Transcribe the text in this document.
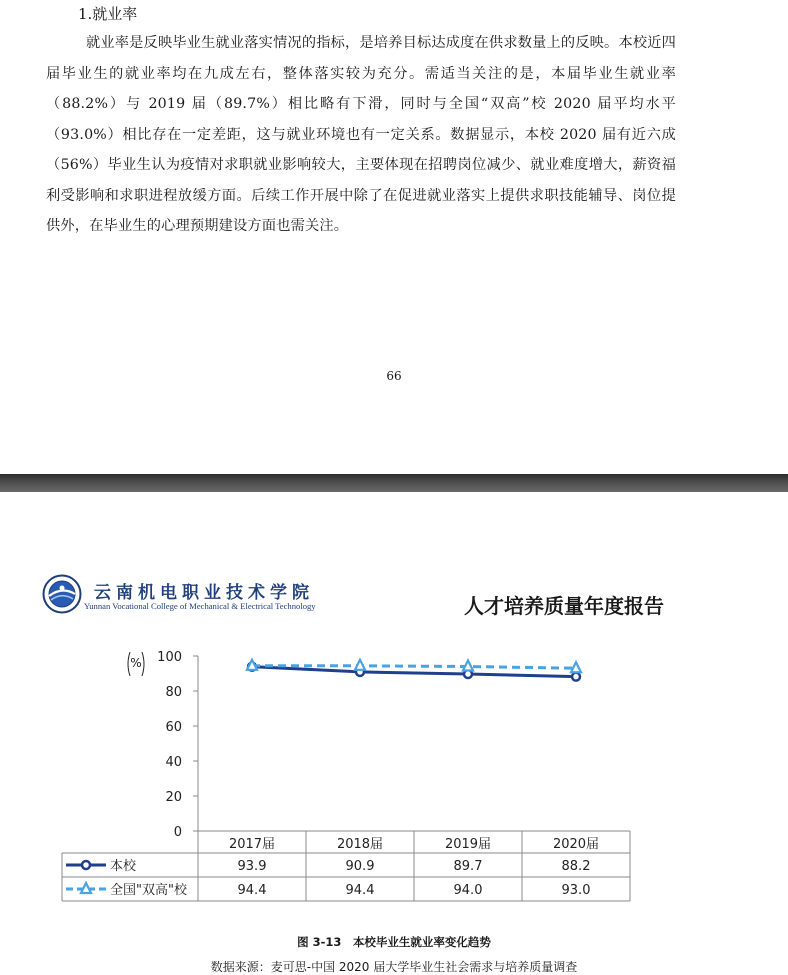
1.就业率
就业率是反映毕业生就业落实情况的指标，是培养目标达成度在供求数量上的反映。本校近四届毕业生的就业率均在九成左右，整体落实较为充分。需适当关注的是，本届毕业生就业率（88.2%）与 2019 届（89.7%）相比略有下滑，同时与全国“双高”校 2020 届平均水平（93.0%）相比存在一定差距，这与就业环境也有一定关系。数据显示，本校 2020 届有近六成（56%）毕业生认为疫情对求职就业影响较大，主要体现在招聘岗位减少、就业难度增大，薪资福利受影响和求职进程放缓方面。后续工作开展中除了在促进就业落实上提供求职技能辅导、岗位提供外，在毕业生的心理预期建设方面也需关注。
66
云南机电职业技术学院
Yunnan Vocational College of Mechanical & Electrical Technology	人才培养质量年度报告
0
20
40
60
80
100
%
2017届	2018届	2019届	2020届
本校	93.9	90.9	89.7	88.2
全国"双高"校	94.4	94.4	94.0	93.0
图 3-13　本校毕业生就业率变化趋势
数据来源：麦可思-中国 2020 届大学毕业生社会需求与培养质量调查
